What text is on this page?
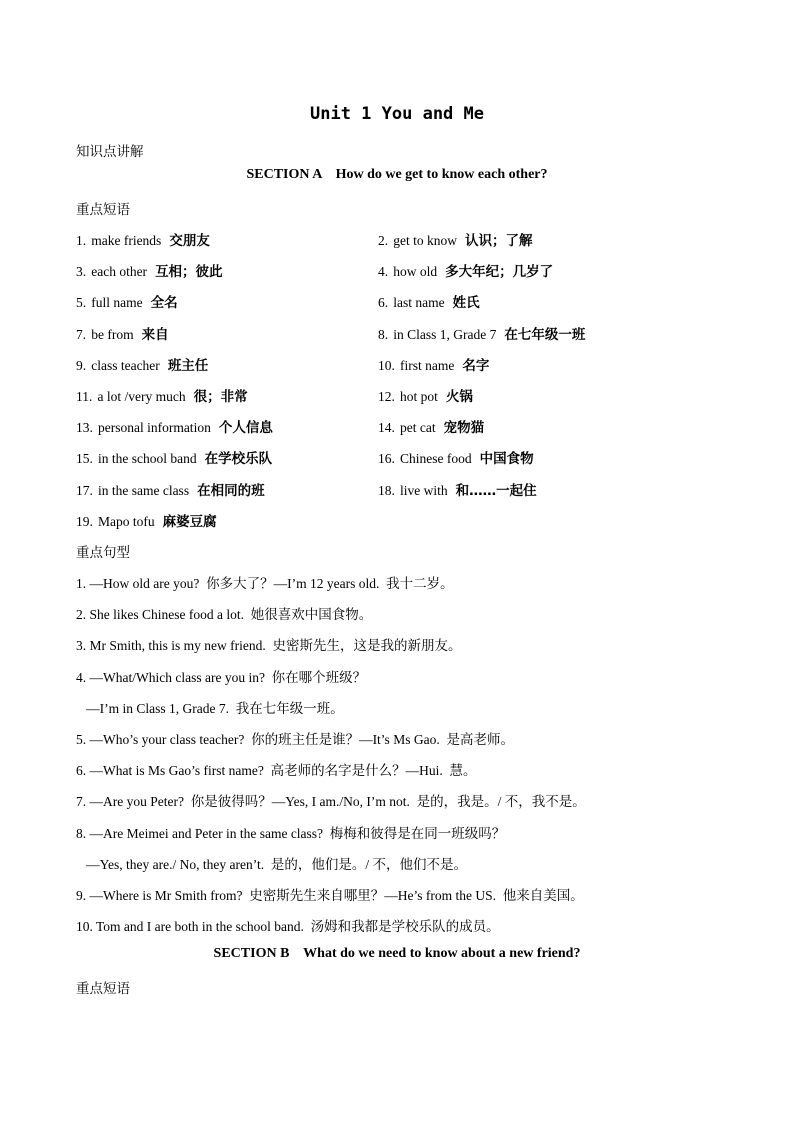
Unit 1 You and Me
知识点讲解
SECTION A    How do we get to know each other?
重点短语
1. make friends 交朋友	2. get to know 认识；了解
3. each other 互相；彼此	4. how old 多大年纪；几岁了
5. full name 全名	6. last name 姓氏
7. be from 来自	8. in Class 1, Grade 7 在七年级一班
9. class teacher 班主任	10. first name 名字
11. a lot /very much 很；非常	12. hot pot 火锅
13. personal information 个人信息	14. pet cat 宠物猫
15. in the school band 在学校乐队	16. Chinese food 中国食物
17. in the same class 在相同的班	18. live with 和……一起住
19. Mapo tofu 麻婆豆腐
重点句型
1. —How old are you?  你多大了？—I’m 12 years old.  我十二岁。
2. She likes Chinese food a lot.  她很喜欢中国食物。
3. Mr Smith, this is my new friend.  史密斯先生，这是我的新朋友。
4. —What/Which class are you in?  你在哪个班级？
—I’m in Class 1, Grade 7.  我在七年级一班。
5. —Who’s your class teacher?  你的班主任是谁？—It’s Ms Gao.  是高老师。
6. —What is Ms Gao’s first name?  高老师的名字是什么？—Hui.  慧。
7. —Are you Peter?  你是彼得吗？—Yes, I am./No, I’m not.  是的，我是。/ 不，我不是。
8. —Are Meimei and Peter in the same class?  梅梅和彼得是在同一班级吗？
—Yes, they are./ No, they aren’t.  是的，他们是。/ 不，他们不是。
9. —Where is Mr Smith from?  史密斯先生来自哪里？—He’s from the US.  他来自美国。
10. Tom and I are both in the school band.  汤姆和我都是学校乐队的成员。
SECTION B    What do we need to know about a new friend?
重点短语
